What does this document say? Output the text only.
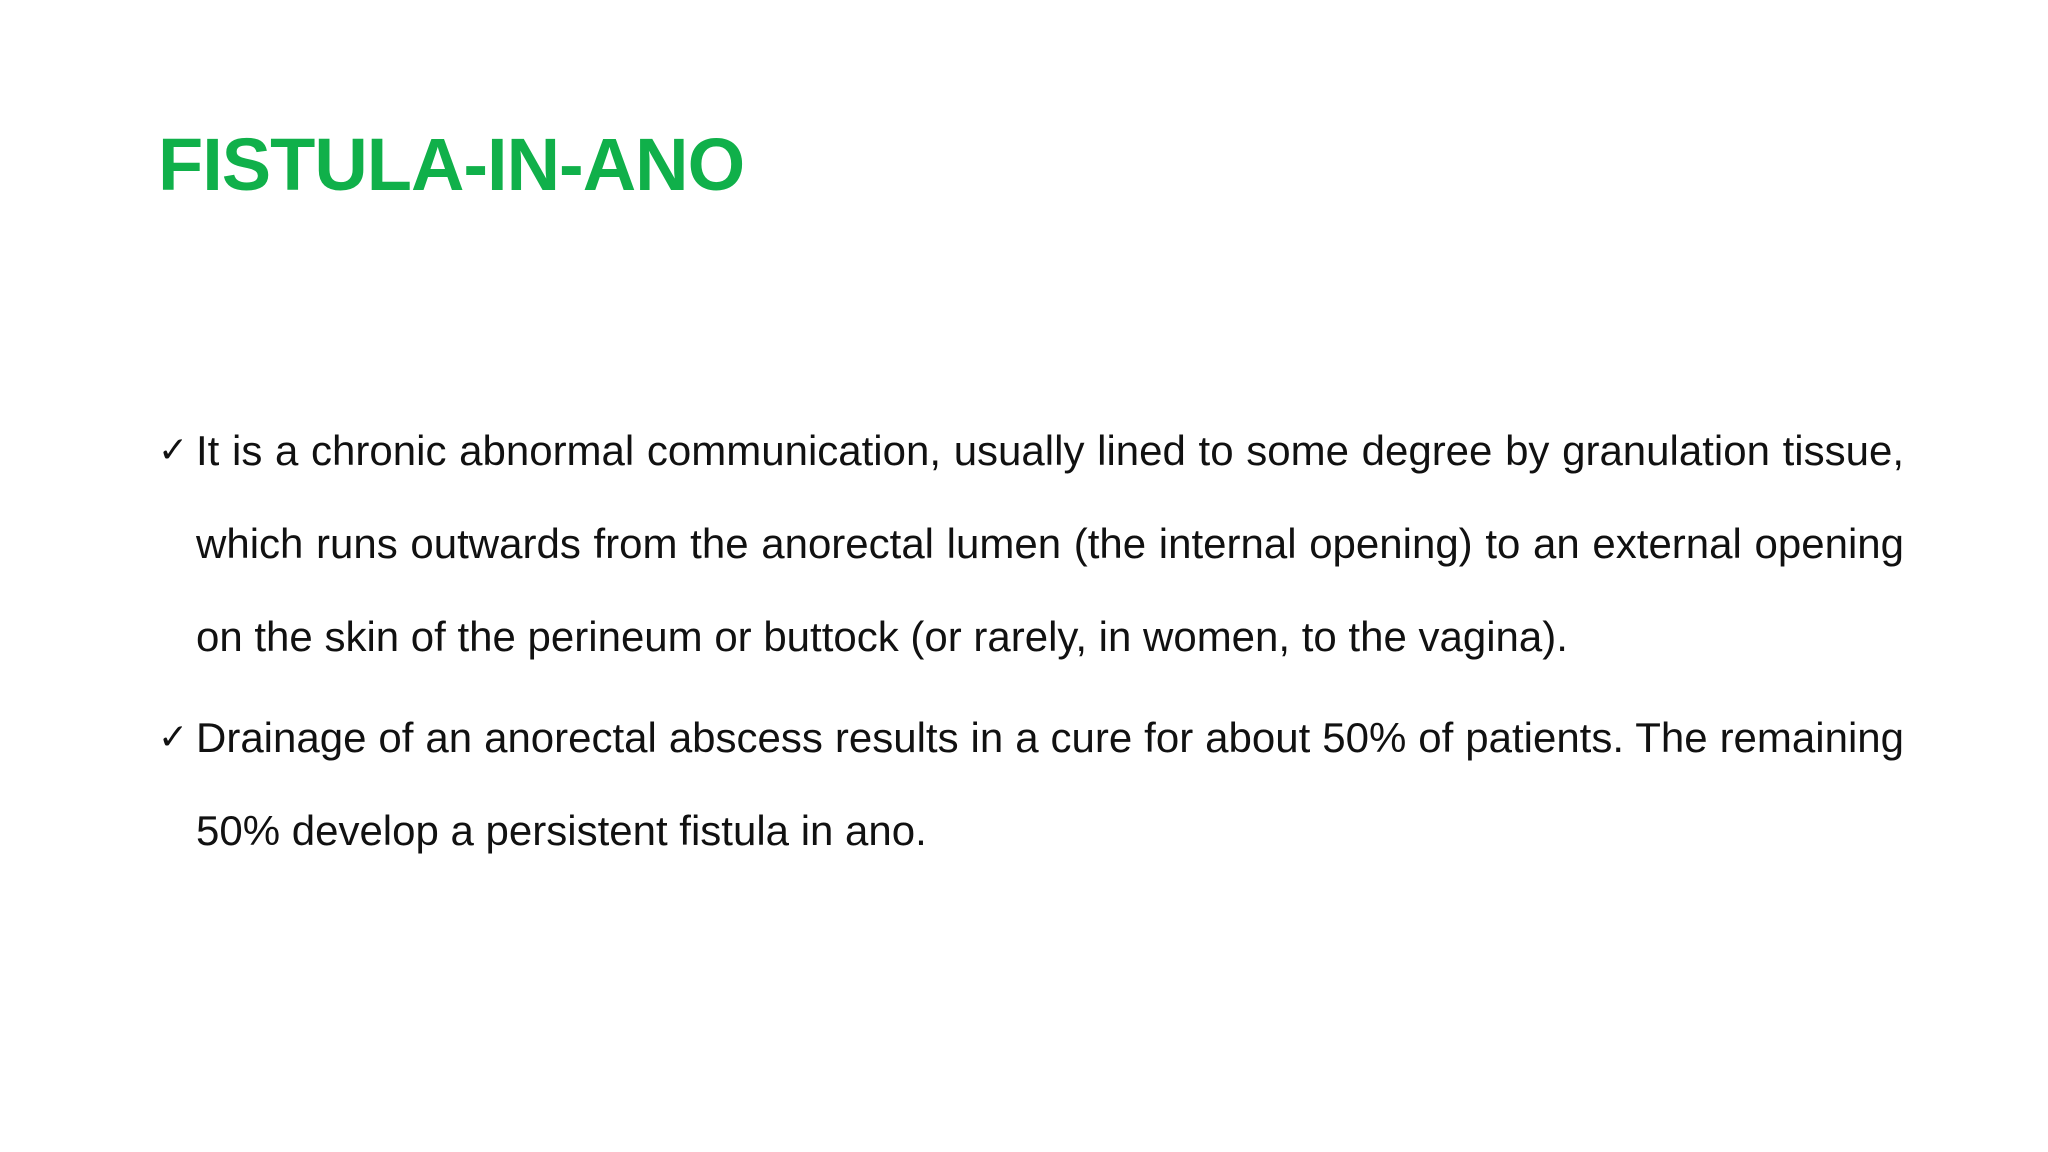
FISTULA-IN-ANO

✓ It is a chronic abnormal communication, usually lined to some degree by granulation tissue, which runs outwards from the anorectal lumen (the internal opening) to an external opening on the skin of the perineum or buttock (or rarely, in women, to the vagina).

✓ Drainage of an anorectal abscess results in a cure for about 50% of patients. The remaining 50% develop a persistent fistula in ano.
